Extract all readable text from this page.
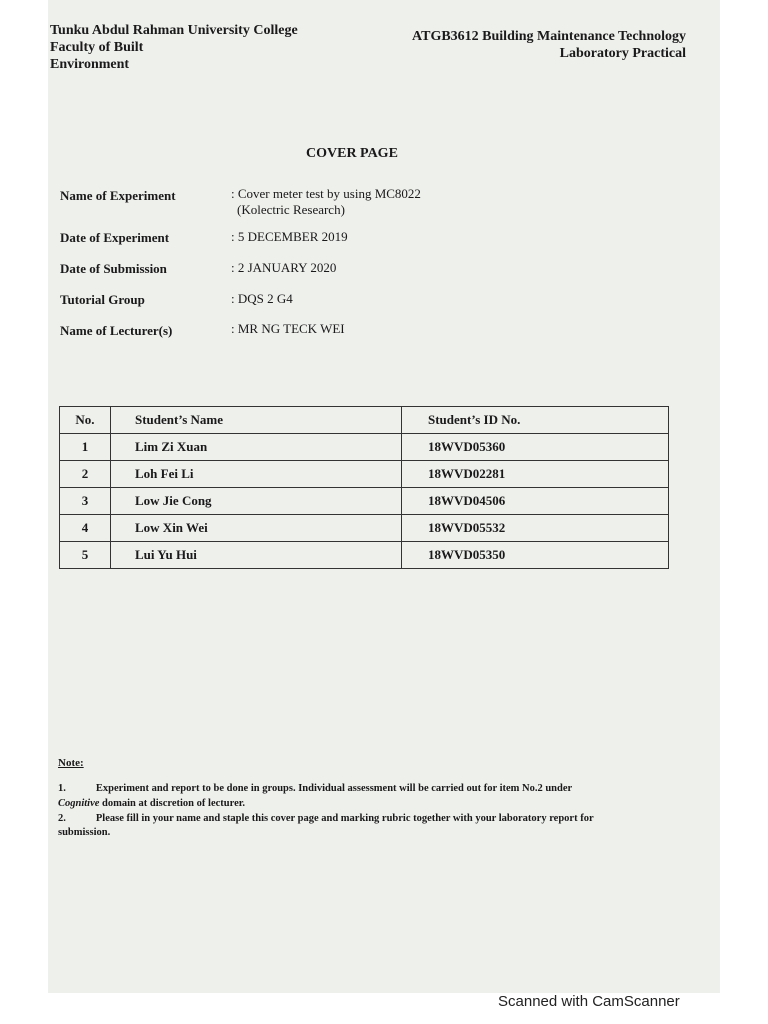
Tunku Abdul Rahman University College
Faculty of Built
Environment
ATGB3612 Building Maintenance Technology
Laboratory Practical
COVER PAGE
Name of Experiment	: Cover meter test by using MC8022
(Kolectric Research)
Date of Experiment	: 5 DECEMBER 2019
Date of Submission	: 2 JANUARY 2020
Tutorial Group	: DQS 2 G4
Name of Lecturer(s)	: MR NG TECK WEI
No.	Student’s Name	Student’s ID No.
1	Lim Zi Xuan	18WVD05360
2	Loh Fei Li	18WVD02281
3	Low Jie Cong	18WVD04506
4	Low Xin Wei	18WVD05532
5	Lui Yu Hui	18WVD05350
Note:
1.	Experiment and report to be done in groups. Individual assessment will be carried out for item No.2 under
Cognitive domain at discretion of lecturer.
2.	Please fill in your name and staple this cover page and marking rubric together with your laboratory report for
submission.
Scanned with CamScanner
